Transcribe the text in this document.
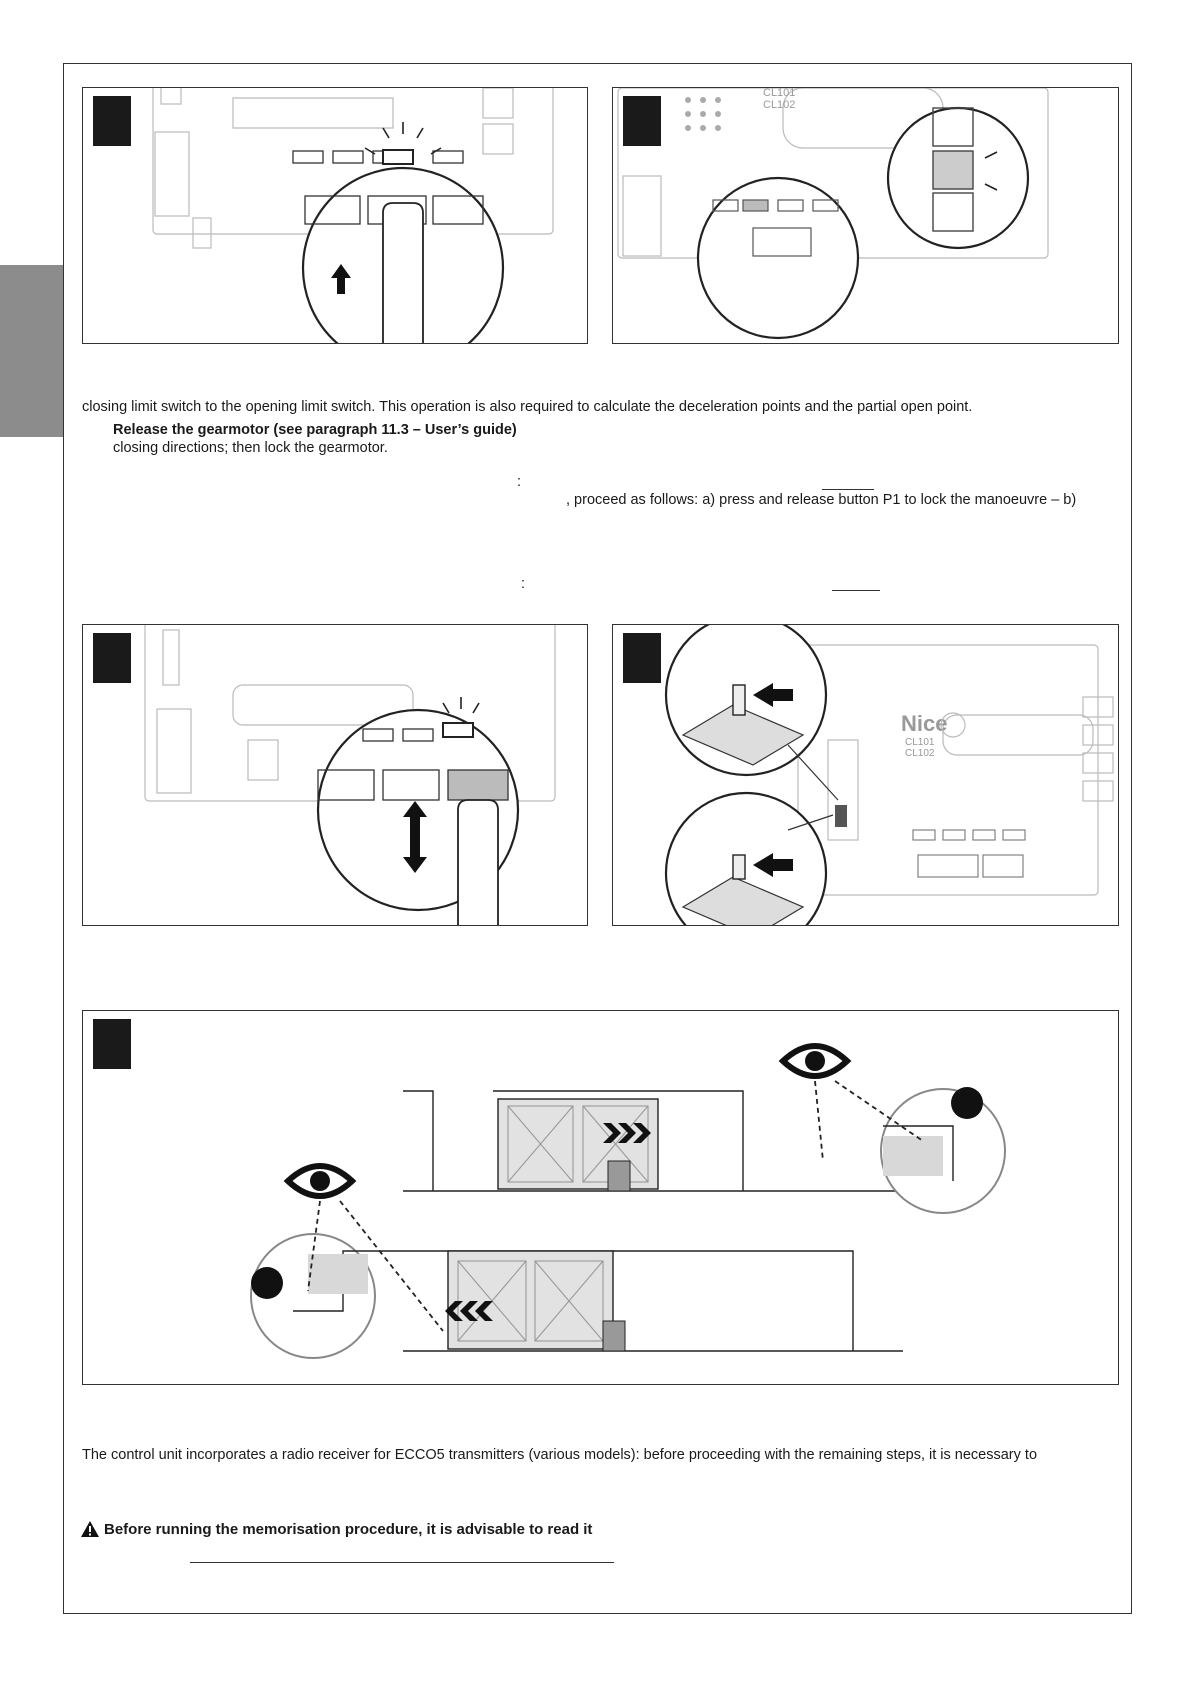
CL101
CL102
closing limit switch to the opening limit switch. This operation is also required to calculate the deceleration points and the partial open point.
Release the gearmotor (see paragraph 11.3 – User’s guide)
closing directions; then lock the gearmotor.
:
, proceed as follows: a) press and release button P1 to lock the manoeuvre – b)
:
Nice
CL101
CL102
The control unit incorporates a radio receiver for ECCO5 transmitters (various models): before proceeding with the remaining steps, it is necessary to
Before running the memorisation procedure, it is advisable to read it
